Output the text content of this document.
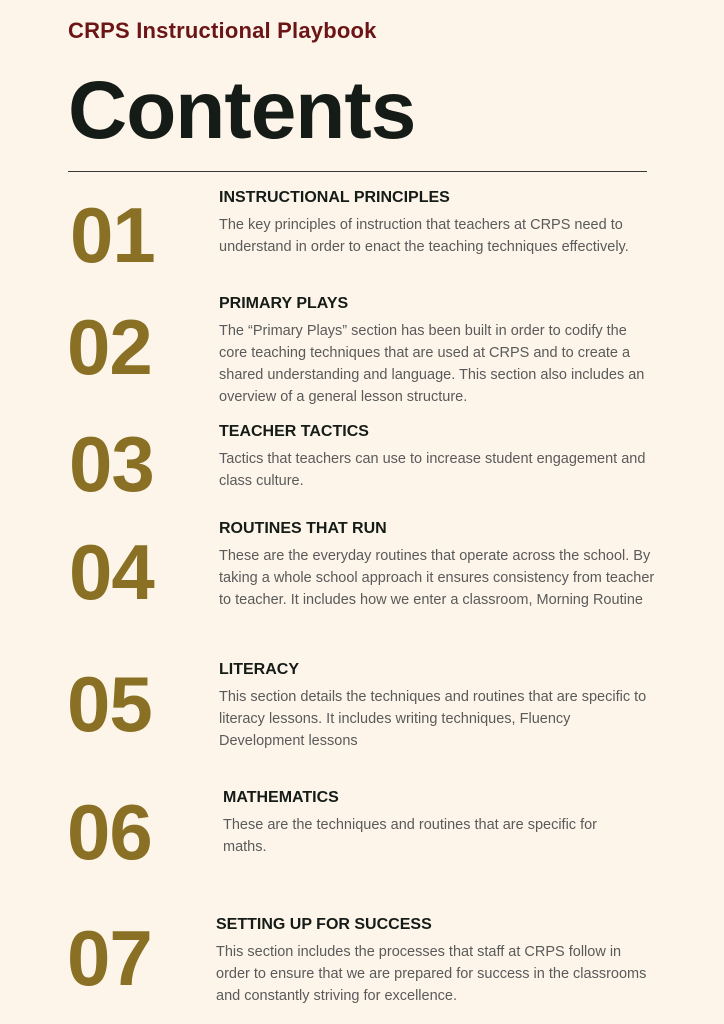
CRPS Instructional Playbook
Contents
01	INSTRUCTIONAL PRINCIPLES
The key principles of instruction that teachers at CRPS need to understand in order to enact the teaching techniques effectively.
02	PRIMARY PLAYS
The “Primary Plays” section has been built in order to codify the core teaching techniques that are used at CRPS and to create a shared understanding and language. This section also includes an overview of a general lesson structure.
03	TEACHER TACTICS
Tactics that teachers can use to increase student engagement and class culture.
04	ROUTINES THAT RUN
These are the everyday routines that operate across the school. By taking a whole school approach it ensures consistency from teacher to teacher. It includes how we enter a classroom, Morning Routine
05	LITERACY
This section details the techniques and routines that are specific to literacy lessons. It includes writing techniques, Fluency Development lessons
06	MATHEMATICS
These are the techniques and routines that are specific for maths.
07	SETTING UP FOR SUCCESS
This section includes the processes that staff at CRPS follow in order to ensure that we are prepared for success in the classrooms and constantly striving for excellence.
